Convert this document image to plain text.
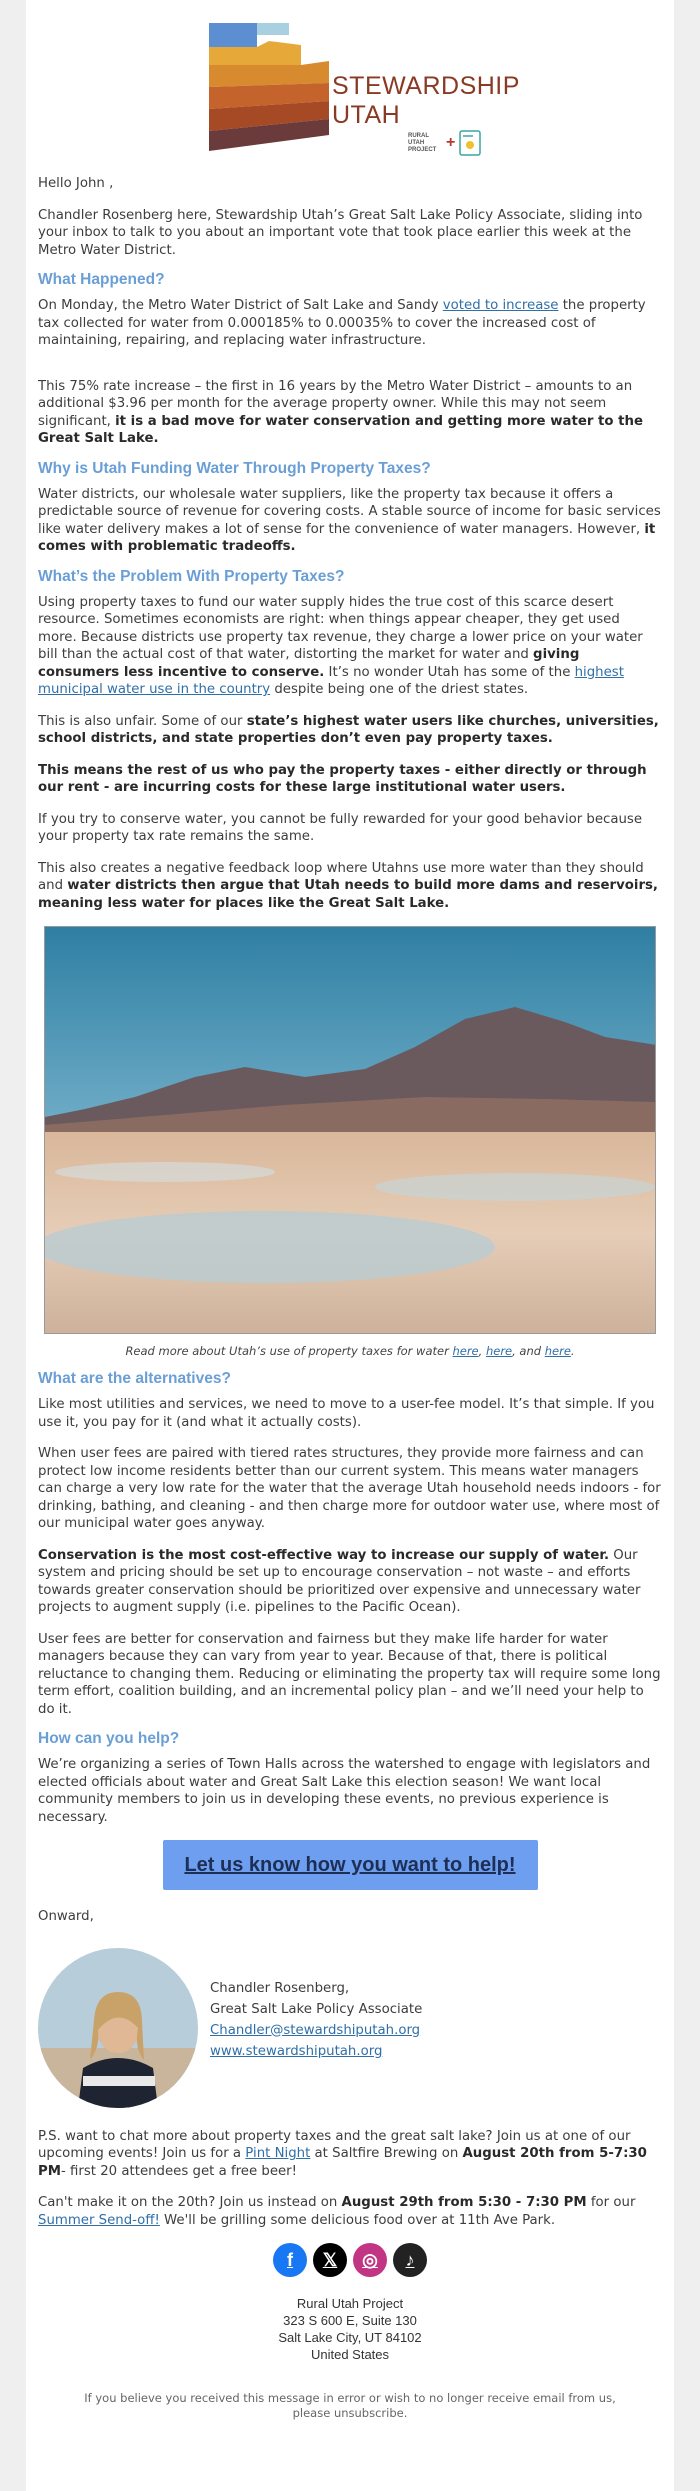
STEWARDSHIP
UTAH
RURAL UTAH PROJECT +

Hello John ,

Chandler Rosenberg here, Stewardship Utah’s Great Salt Lake Policy Associate, sliding into your inbox to talk to you about an important vote that took place earlier this week at the Metro Water District.

What Happened?

On Monday, the Metro Water District of Salt Lake and Sandy voted to increase the property tax collected for water from 0.000185% to 0.00035% to cover the increased cost of maintaining, repairing, and replacing water infrastructure.

This 75% rate increase – the first in 16 years by the Metro Water District – amounts to an additional $3.96 per month for the average property owner. While this may not seem significant, it is a bad move for water conservation and getting more water to the Great Salt Lake.

Why is Utah Funding Water Through Property Taxes?

Water districts, our wholesale water suppliers, like the property tax because it offers a predictable source of revenue for covering costs. A stable source of income for basic services like water delivery makes a lot of sense for the convenience of water managers. However, it comes with problematic tradeoffs.

What’s the Problem With Property Taxes?

Using property taxes to fund our water supply hides the true cost of this scarce desert resource. Sometimes economists are right: when things appear cheaper, they get used more. Because districts use property tax revenue, they charge a lower price on your water bill than the actual cost of that water, distorting the market for water and giving consumers less incentive to conserve. It’s no wonder Utah has some of the highest municipal water use in the country despite being one of the driest states.

This is also unfair. Some of our state’s highest water users like churches, universities, school districts, and state properties don’t even pay property taxes.

This means the rest of us who pay the property taxes - either directly or through our rent - are incurring costs for these large institutional water users.

If you try to conserve water, you cannot be fully rewarded for your good behavior because your property tax rate remains the same.

This also creates a negative feedback loop where Utahns use more water than they should and water districts then argue that Utah needs to build more dams and reservoirs, meaning less water for places like the Great Salt Lake.

Read more about Utah’s use of property taxes for water here, here, and here.

What are the alternatives?

Like most utilities and services, we need to move to a user-fee model. It’s that simple. If you use it, you pay for it (and what it actually costs).

When user fees are paired with tiered rates structures, they provide more fairness and can protect low income residents better than our current system. This means water managers can charge a very low rate for the water that the average Utah household needs indoors - for drinking, bathing, and cleaning - and then charge more for outdoor water use, where most of our municipal water goes anyway.

Conservation is the most cost-effective way to increase our supply of water. Our system and pricing should be set up to encourage conservation – not waste – and efforts towards greater conservation should be prioritized over expensive and unnecessary water projects to augment supply (i.e. pipelines to the Pacific Ocean).

User fees are better for conservation and fairness but they make life harder for water managers because they can vary from year to year. Because of that, there is political reluctance to changing them. Reducing or eliminating the property tax will require some long term effort, coalition building, and an incremental policy plan – and we’ll need your help to do it.

How can you help?

We’re organizing a series of Town Halls across the watershed to engage with legislators and elected officials about water and Great Salt Lake this election season! We want local community members to join us in developing these events, no previous experience is necessary.

Let us know how you want to help!

Onward,

Chandler Rosenberg,
Great Salt Lake Policy Associate
Chandler@stewardshiputah.org
www.stewardshiputah.org

P.S. want to chat more about property taxes and the great salt lake? Join us at one of our upcoming events! Join us for a Pint Night at Saltfire Brewing on August 20th from 5-7:30 PM- first 20 attendees get a free beer!

Can't make it on the 20th? Join us instead on August 29th from 5:30 - 7:30 PM for our Summer Send-off! We'll be grilling some delicious food over at 11th Ave Park.

f	𝕏	◎	♪
Rural Utah Project
323 S 600 E, Suite 130
Salt Lake City, UT 84102
United States

If you believe you received this message in error or wish to no longer receive email from us, please unsubscribe.
